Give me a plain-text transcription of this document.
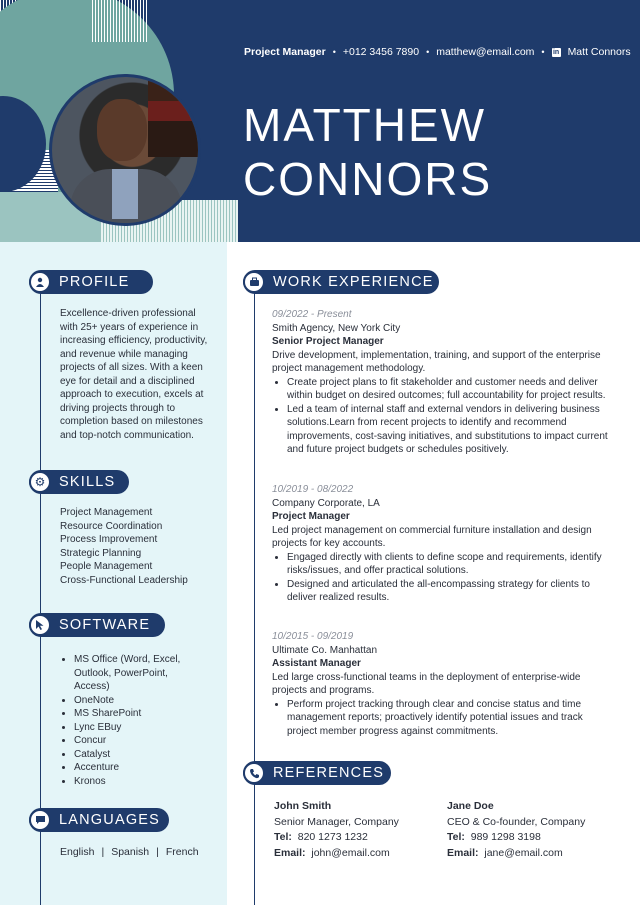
Project Manager • +012 3456 7890 • matthew@email.com • in Matt Connors
MATTHEW
CONNORS
PROFILE
Excellence-driven professional with 25+ years of experience in increasing efficiency, productivity, and revenue while managing projects of all sizes. With a keen eye for detail and a disciplined approach to execution, excels at driving projects through to completion based on milestones and top-notch communication.
SKILLS
⚙
Project Management
Resource Coordination
Process Improvement
Strategic Planning
People Management
Cross-Functional Leadership
SOFTWARE
• MS Office (Word, Excel, Outlook, PowerPoint, Access)
• OneNote
• MS SharePoint
• Lync EBuy
• Concur
• Catalyst
• Accenture
• Kronos
LANGUAGES
English | Spanish | French
WORK EXPERIENCE
09/2022 - Present
Smith Agency, New York City
Senior Project Manager
Drive development, implementation, training, and support of the enterprise project management methodology.
• Create project plans to fit stakeholder and customer needs and deliver within budget on desired outcomes; full accountability for project results.
• Led a team of internal staff and external vendors in delivering business solutions.Learn from recent projects to identify and recommend improvements, cost-saving initiatives, and substitutions to impact current and future project budgets or schedules positively.
10/2019 - 08/2022
Company Corporate, LA
Project Manager
Led project management on commercial furniture installation and design projects for key accounts.
• Engaged directly with clients to define scope and requirements, identify risks/issues, and offer practical solutions.
• Designed and articulated the all-encompassing strategy for clients to deliver realized results.
10/2015 - 09/2019
Ultimate Co. Manhattan
Assistant Manager
Led large cross-functional teams in the deployment of enterprise-wide projects and programs.
• Perform project tracking through clear and concise status and time management reports; proactively identify potential issues and track project member progress against commitments.
REFERENCES
John Smith
Senior Manager, Company
Tel: 820 1273 1232
Email: john@email.com
Jane Doe
CEO & Co-founder, Company
Tel: 989 1298 3198
Email: jane@email.com
